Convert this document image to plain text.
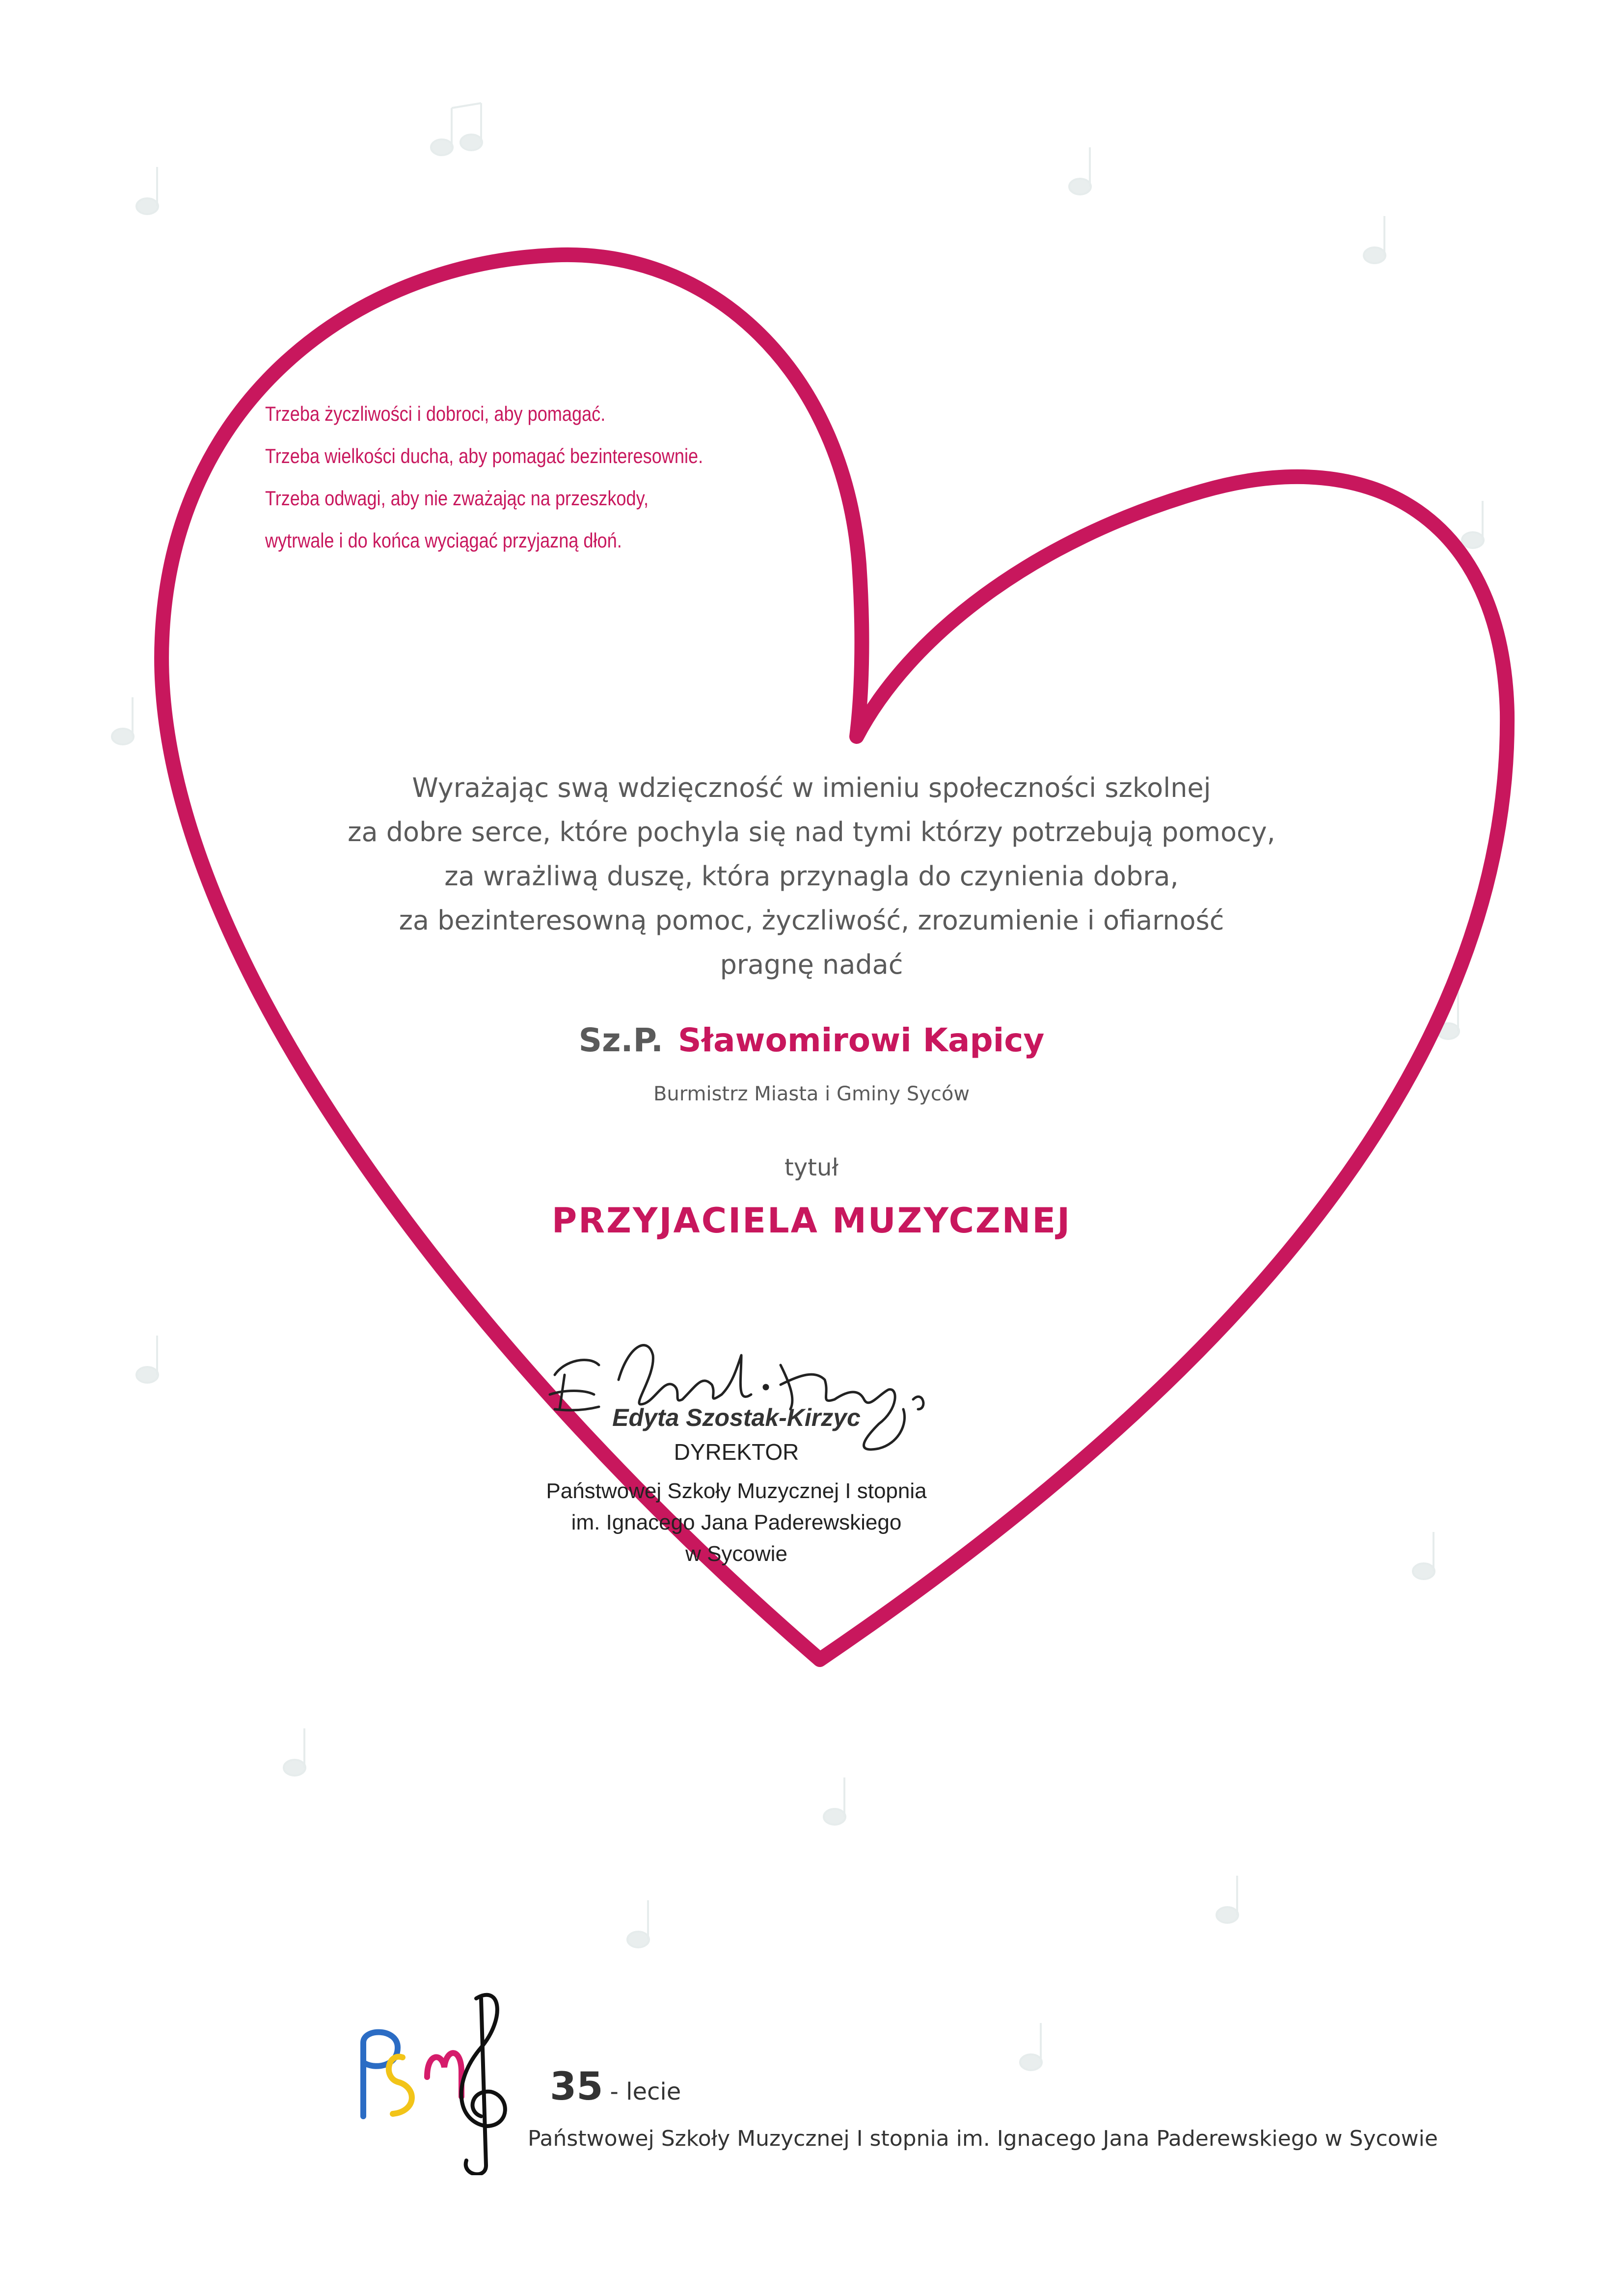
Trzeba życzliwości i dobroci, aby pomagać.
Trzeba wielkości ducha, aby pomagać bezinteresownie.
Trzeba odwagi, aby nie zważając na przeszkody,
wytrwale i do końca wyciągać przyjazną dłoń.
Wyrażając swą wdzięczność w imieniu społeczności szkolnej
za dobre serce, które pochyla się nad tymi którzy potrzebują pomocy,
za wrażliwą duszę, która przynagla do czynienia dobra,
za bezinteresowną pomoc, życzliwość, zrozumienie i ofiarność
pragnę nadać
Sz.P. Sławomirowi Kapicy
Burmistrz Miasta i Gminy Syców
tytuł
PRZYJACIELA MUZYCZNEJ
Edyta Szostak-Kirzyc
DYREKTOR
Państwowej Szkoły Muzycznej I stopnia
im. Ignacego Jana Paderewskiego
w Sycowie
35 - lecie
Państwowej Szkoły Muzycznej I stopnia im. Ignacego Jana Paderewskiego w Sycowie
